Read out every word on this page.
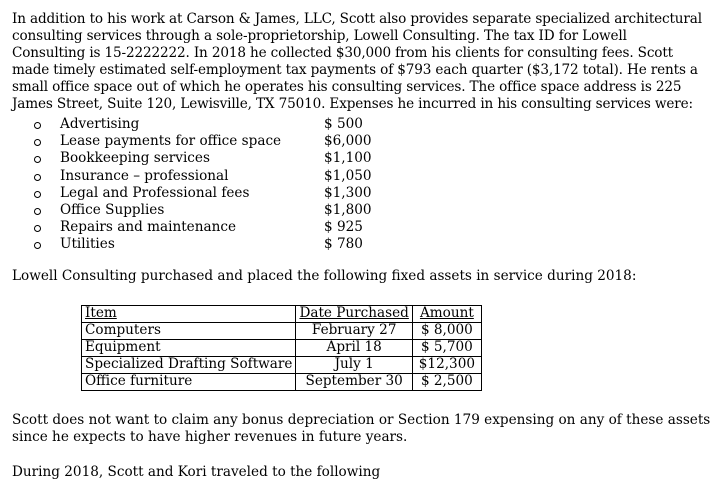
In addition to his work at Carson & James, LLC, Scott also provides separate specialized architectural
consulting services through a sole-proprietorship, Lowell Consulting. The tax ID for Lowell
Consulting is 15-2222222. In 2018 he collected $30,000 from his clients for consulting fees. Scott
made timely estimated self-employment tax payments of $793 each quarter ($3,172 total). He rents a
small office space out of which he operates his consulting services. The office space address is 225
James Street, Suite 120, Lewisville, TX 75010. Expenses he incurred in his consulting services were:
Advertising	$ 500
Lease payments for office space	$6,000
Bookkeeping services	$1,100
Insurance – professional	$1,050
Legal and Professional fees	$1,300
Office Supplies	$1,800
Repairs and maintenance	$ 925
Utilities	$ 780
Lowell Consulting purchased and placed the following fixed assets in service during 2018:
Item	Date Purchased	Amount
Computers	February 27	$ 8,000
Equipment	April 18	$ 5,700
Specialized Drafting Software	July 1	$12,300
Office furniture	September 30	$ 2,500
Scott does not want to claim any bonus depreciation or Section 179 expensing on any of these assets
since he expects to have higher revenues in future years.
During 2018, Scott and Kori traveled to the following
